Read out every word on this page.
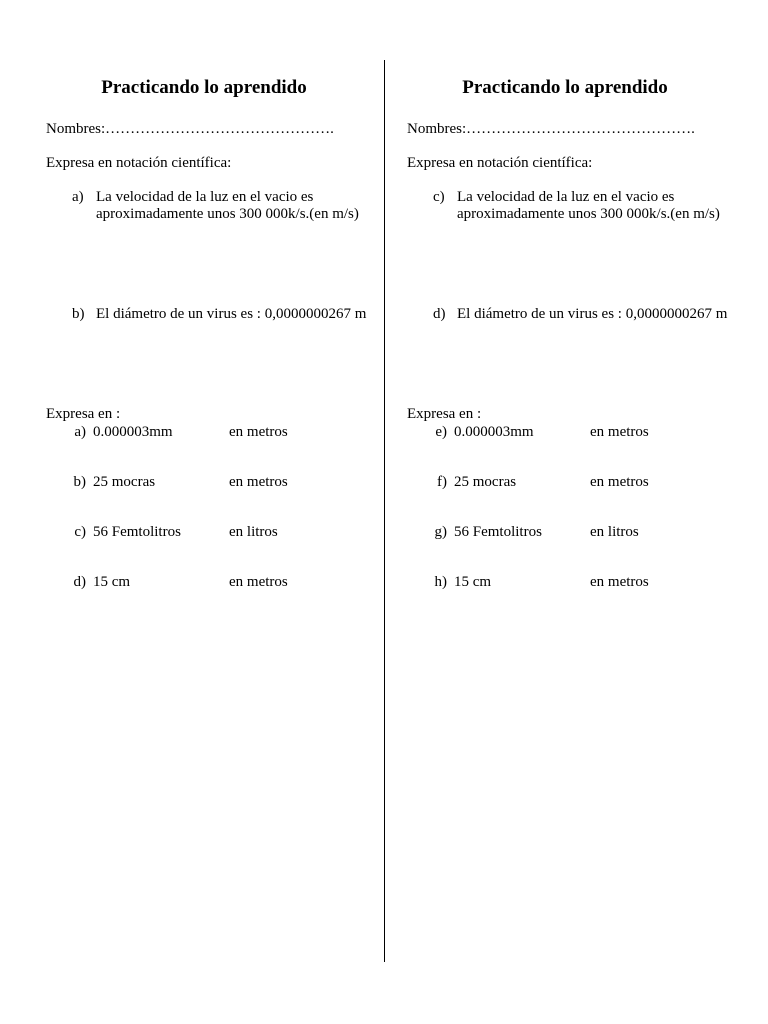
Practicando lo aprendido
Nombres:……………………………………….
Expresa en notación científica:
a) La velocidad de la luz en el vacio es aproximadamente unos 300 000k/s.(en m/s)
b) El diámetro de un virus es : 0,0000000267 m
Expresa en :
a) 0.000003mm	en metros
b) 25 mocras	en metros
c) 56 Femtolitros	en litros
d) 15 cm	en metros
Practicando lo aprendido
Nombres:……………………………………….
Expresa en notación científica:
c) La velocidad de la luz en el vacio es aproximadamente unos 300 000k/s.(en m/s)
d) El diámetro de un virus es : 0,0000000267 m
Expresa en :
e) 0.000003mm	en metros
f) 25 mocras	en metros
g) 56 Femtolitros	en litros
h) 15 cm	en metros
